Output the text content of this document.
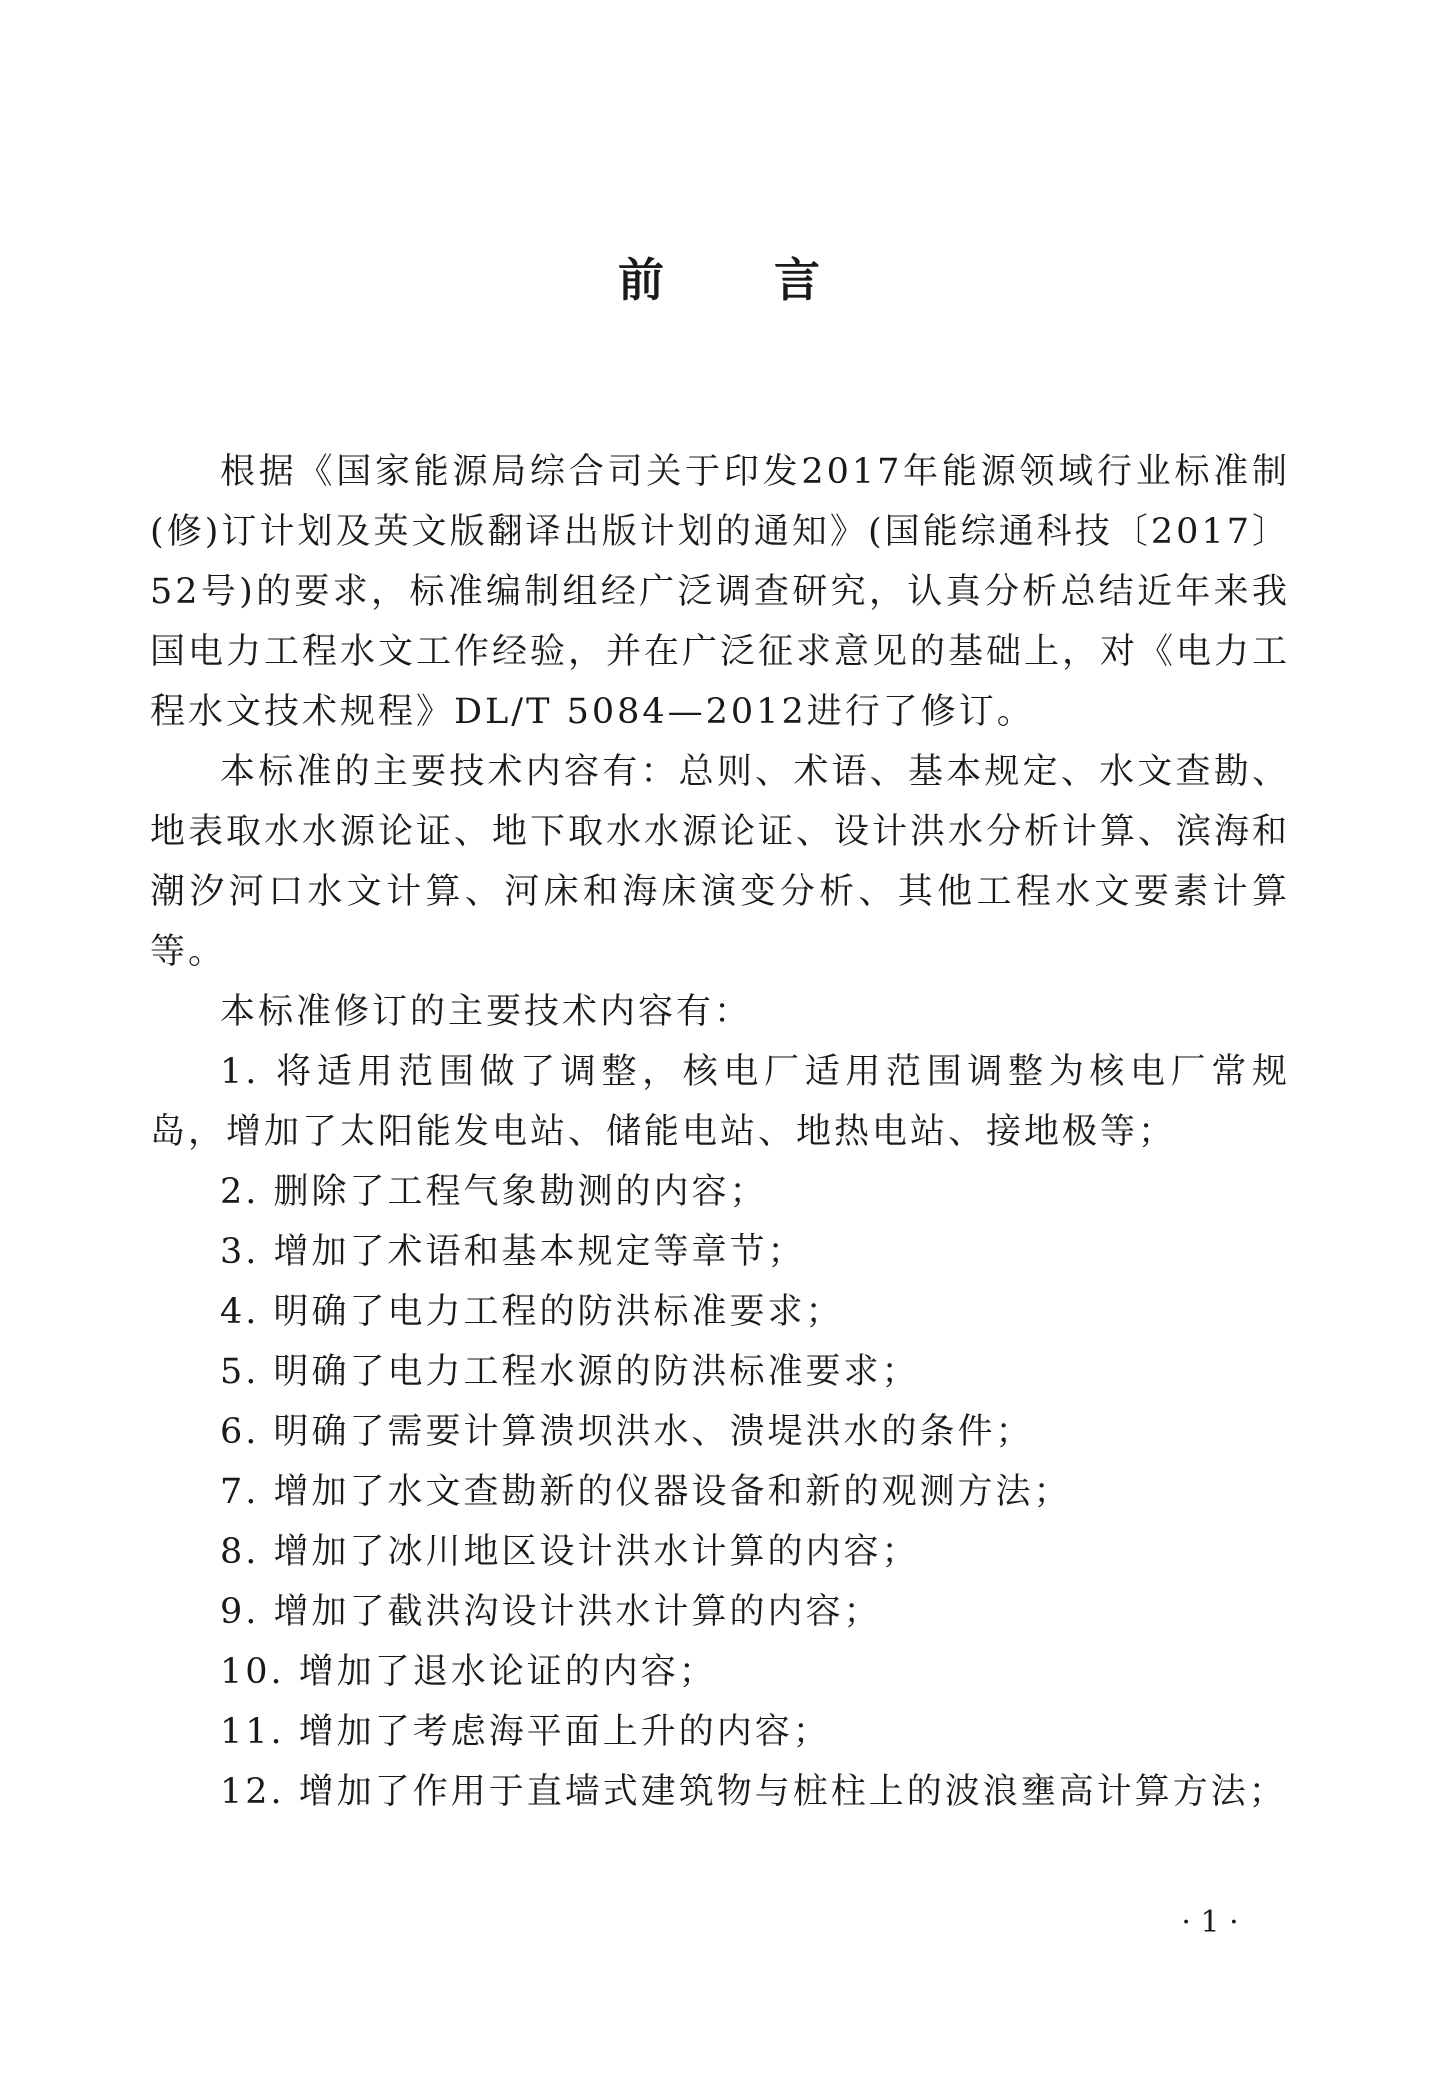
前言

根据《国家能源局综合司关于印发2017年能源领域行业标准制(修)订计划及英文版翻译出版计划的通知》(国能综通科技〔2017〕52号)的要求，标准编制组经广泛调查研究，认真分析总结近年来我国电力工程水文工作经验，并在广泛征求意见的基础上，对《电力工程水文技术规程》DL/T 5084—2012进行了修订。

本标准的主要技术内容有：总则、术语、基本规定、水文查勘、地表取水水源论证、地下取水水源论证、设计洪水分析计算、滨海和潮汐河口水文计算、河床和海床演变分析、其他工程水文要素计算等。

本标准修订的主要技术内容有：

1. 将适用范围做了调整，核电厂适用范围调整为核电厂常规岛，增加了太阳能发电站、储能电站、地热电站、接地极等；

2. 删除了工程气象勘测的内容；

3. 增加了术语和基本规定等章节；

4. 明确了电力工程的防洪标准要求；

5. 明确了电力工程水源的防洪标准要求；

6. 明确了需要计算溃坝洪水、溃堤洪水的条件；

7. 增加了水文查勘新的仪器设备和新的观测方法；

8. 增加了冰川地区设计洪水计算的内容；

9. 增加了截洪沟设计洪水计算的内容；

10. 增加了退水论证的内容；

11. 增加了考虑海平面上升的内容；

12. 增加了作用于直墙式建筑物与桩柱上的波浪壅高计算方法；

· 1 ·
